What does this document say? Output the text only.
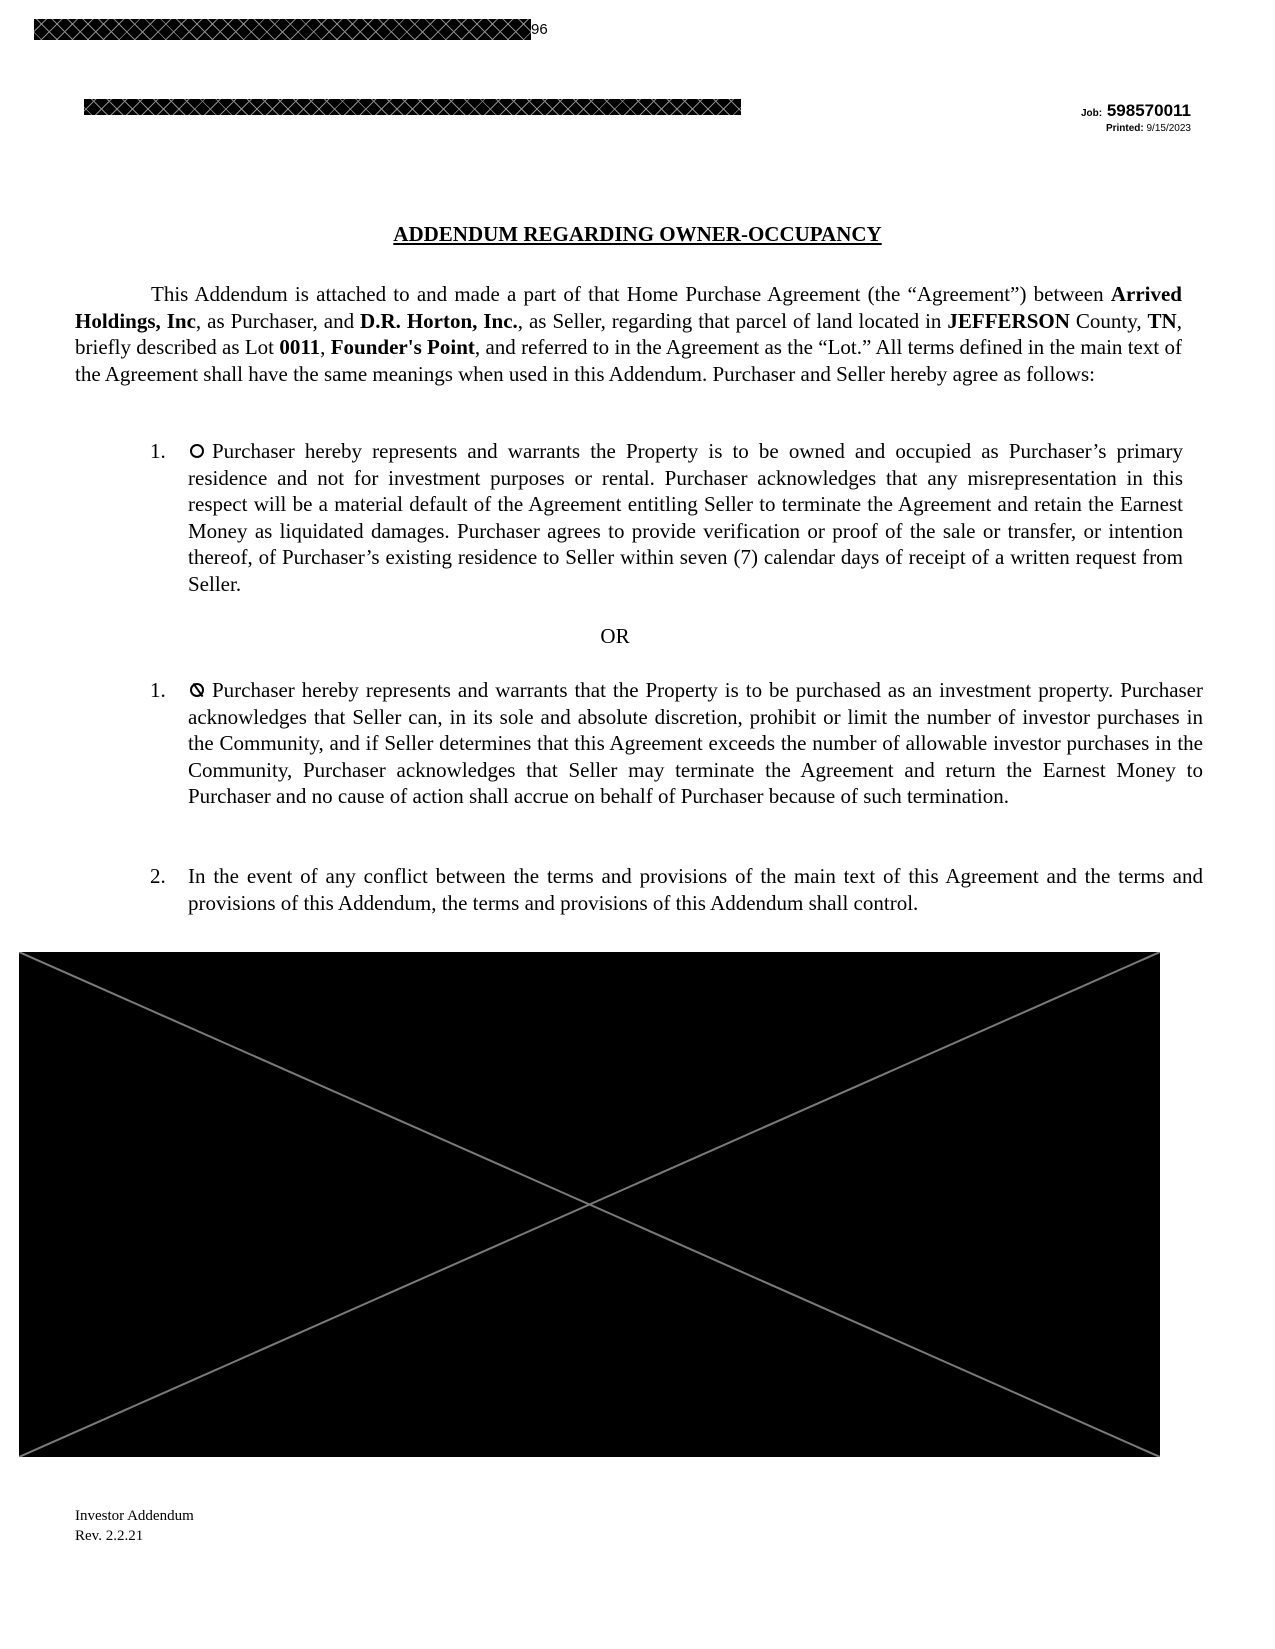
96
Job: 598570011
Printed: 9/15/2023
ADDENDUM REGARDING OWNER-OCCUPANCY
This Addendum is attached to and made a part of that Home Purchase Agreement (the “Agreement”) between Arrived Holdings, Inc, as Purchaser, and D.R. Horton, Inc., as Seller, regarding that parcel of land located in JEFFERSON County, TN, briefly described as Lot 0011, Founder's Point, and referred to in the Agreement as the “Lot.” All terms defined in the main text of the Agreement shall have the same meanings when used in this Addendum. Purchaser and Seller hereby agree as follows:
1.	Purchaser hereby represents and warrants the Property is to be owned and occupied as Purchaser’s primary residence and not for investment purposes or rental. Purchaser acknowledges that any misrepresentation in this respect will be a material default of the Agreement entitling Seller to terminate the Agreement and retain the Earnest Money as liquidated damages. Purchaser agrees to provide verification or proof of the sale or transfer, or intention thereof, of Purchaser’s existing residence to Seller within seven (7) calendar days of receipt of a written request from Seller.
OR
1.	Purchaser hereby represents and warrants that the Property is to be purchased as an investment property. Purchaser acknowledges that Seller can, in its sole and absolute discretion, prohibit or limit the number of investor purchases in the Community, and if Seller determines that this Agreement exceeds the number of allowable investor purchases in the Community, Purchaser acknowledges that Seller may terminate the Agreement and return the Earnest Money to Purchaser and no cause of action shall accrue on behalf of Purchaser because of such termination.
2. In the event of any conflict between the terms and provisions of the main text of this Agreement and the terms and provisions of this Addendum, the terms and provisions of this Addendum shall control.
Investor Addendum
Rev. 2.2.21
